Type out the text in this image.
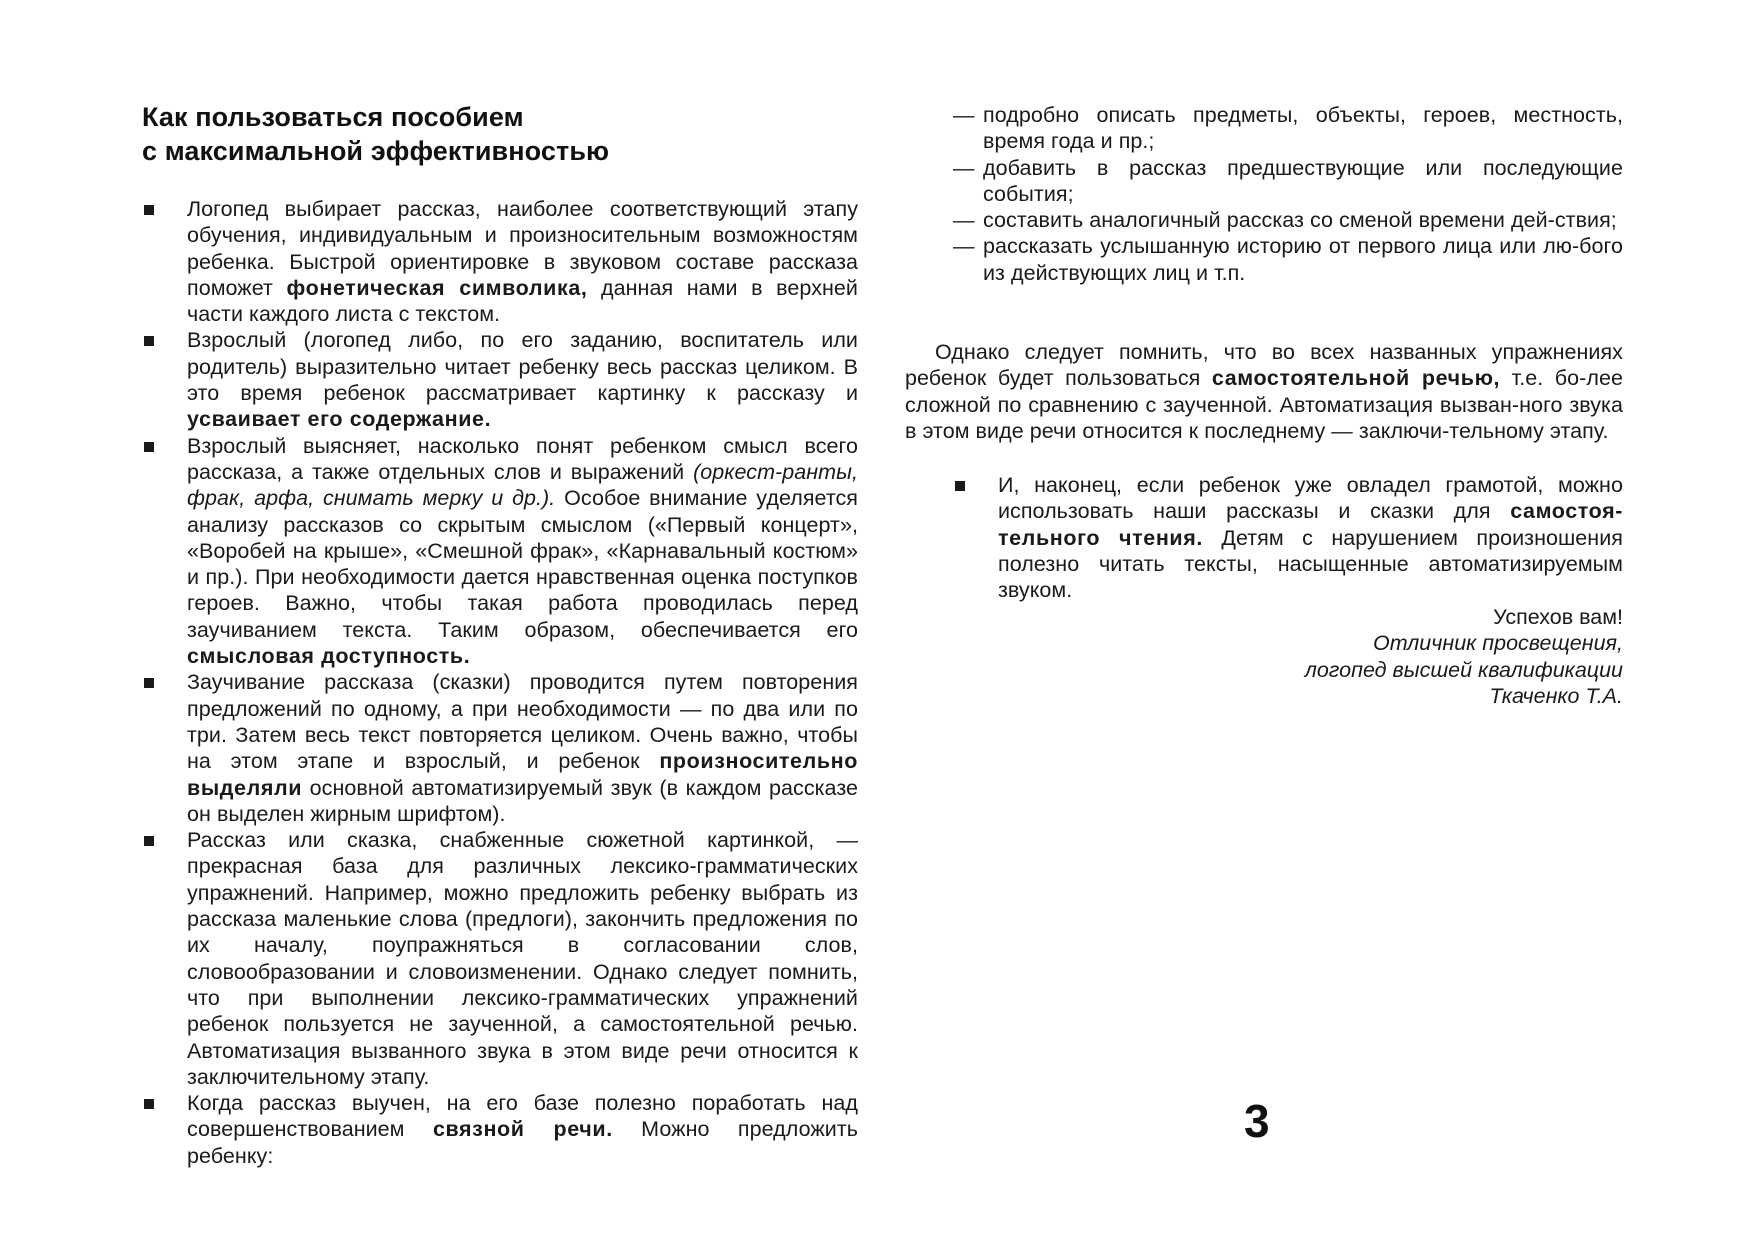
Как пользоваться пособием
с максимальной эффективностью
Логопед выбирает рассказ, наиболее соответствующий этапу обучения, индивидуальным и произносительным возможностям ребенка. Быстрой ориентировке в звуковом составе рассказа поможет фонетическая символика, данная нами в верхней части каждого листа с текстом.
Взрослый (логопед либо, по его заданию, воспитатель или родитель) выразительно читает ребенку весь рассказ целиком. В это время ребенок рассматривает картинку к рассказу и усваивает его содержание.
Взрослый выясняет, насколько понят ребенком смысл всего рассказа, а также отдельных слов и выражений (оркест-ранты, фрак, арфа, снимать мерку и др.). Особое внимание уделяется анализу рассказов со скрытым смыслом («Первый концерт», «Воробей на крыше», «Смешной фрак», «Карнавальный костюм» и пр.). При необходимости дается нравственная оценка поступков героев. Важно, чтобы такая работа проводилась перед заучиванием текста. Таким образом, обеспечивается его смысловая доступность.
Заучивание рассказа (сказки) проводится путем повторения предложений по одному, а при необходимости — по два или по три. Затем весь текст повторяется целиком. Очень важно, чтобы на этом этапе и взрослый, и ребенок произносительно выделяли основной автоматизируемый звук (в каждом рассказе он выделен жирным шрифтом).
Рассказ или сказка, снабженные сюжетной картинкой, — прекрасная база для различных лексико-грамматических упражнений. Например, можно предложить ребенку выбрать из рассказа маленькие слова (предлоги), закончить предложения по их началу, поупражняться в согласовании слов, словообразовании и словоизменении. Однако следует помнить, что при выполнении лексико-грамматических упражнений ребенок пользуется не заученной, а самостоятельной речью. Автоматизация вызванного звука в этом виде речи относится к заключительному этапу.
Когда рассказ выучен, на его базе полезно поработать над совершенствованием связной речи. Можно предложить ребенку:
— подробно описать предметы, объекты, героев, местность, время года и пр.;
— добавить в рассказ предшествующие или последующие события;
— составить аналогичный рассказ со сменой времени дей-ствия;
— рассказать услышанную историю от первого лица или лю-бого из действующих лиц и т.п.

Однако следует помнить, что во всех названных упражнениях ребенок будет пользоваться самостоятельной речью, т.е. бо-лее сложной по сравнению с заученной. Автоматизация вызван-ного звука в этом виде речи относится к последнему — заключи-тельному этапу.

И, наконец, если ребенок уже овладел грамотой, можно использовать наши рассказы и сказки для самостоя-тельного чтения. Детям с нарушением произношения полезно читать тексты, насыщенные автоматизируемым звуком.
Успехов вам!
Отличник просвещения,
логопед высшей квалификации
Ткаченко Т.А.
3
